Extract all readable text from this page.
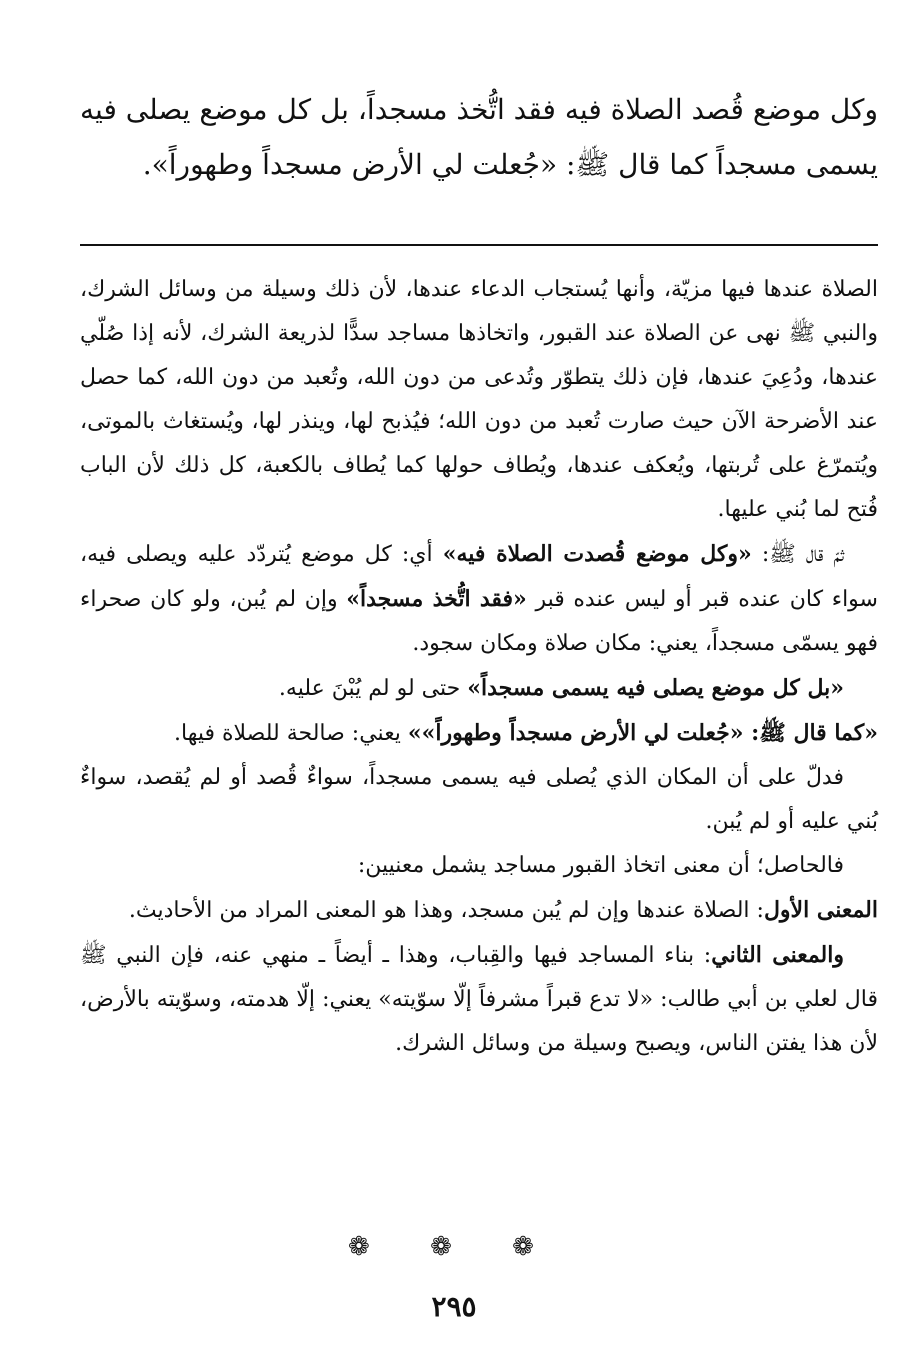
وكل موضع قُصد الصلاة فيه فقد اتُّخذ مسجداً، بل كل موضع يصلى فيه يسمى مسجداً كما قال ﷺ: «جُعلت لي الأرض مسجداً وطهوراً».

الصلاة عندها فيها مزيّة، وأنها يُستجاب الدعاء عندها، لأن ذلك وسيلة من وسائل الشرك، والنبي ﷺ نهى عن الصلاة عند القبور، واتخاذها مساجد سدًّا لذريعة الشرك، لأنه إذا صُلّي عندها، ودُعِيَ عندها، فإن ذلك يتطوّر وتُدعى من دون الله، وتُعبد من دون الله، كما حصل عند الأضرحة الآن حيث صارت تُعبد من دون الله؛ فيُذبح لها، وينذر لها، ويُستغاث بالموتى، ويُتمرّغ على تُربتها، ويُعكف عندها، ويُطاف حولها كما يُطاف بالكعبة، كل ذلك لأن الباب فُتح لما بُني عليها.

ثمّ قال ﷺ: «وكل موضع قُصدت الصلاة فيه» أي: كل موضع يُتردّد عليه ويصلى فيه، سواء كان عنده قبر أو ليس عنده قبر «فقد اتُّخذ مسجداً» وإن لم يُبن، ولو كان صحراء فهو يسمّى مسجداً، يعني: مكان صلاة ومكان سجود.

«بل كل موضع يصلى فيه يسمى مسجداً» حتى لو لم يُبْنَ عليه.

«كما قال ﷺ: «جُعلت لي الأرض مسجداً وطهوراً»» يعني: صالحة للصلاة فيها.

فدلّ على أن المكان الذي يُصلى فيه يسمى مسجداً، سواءٌ قُصد أو لم يُقصد، سواءٌ بُني عليه أو لم يُبن.

فالحاصل؛ أن معنى اتخاذ القبور مساجد يشمل معنيين:

المعنى الأول: الصلاة عندها وإن لم يُبن مسجد، وهذا هو المعنى المراد من الأحاديث.

والمعنى الثاني: بناء المساجد فيها والقِباب، وهذا ـ أيضاً ـ منهي عنه، فإن النبي ﷺ قال لعلي بن أبي طالب: «لا تدع قبراً مشرفاً إلّا سوّيته» يعني: إلّا هدمته، وسوّيته بالأرض، لأن هذا يفتن الناس، ويصبح وسيلة من وسائل الشرك.

❁ ❁ ❁
٢٩٥
